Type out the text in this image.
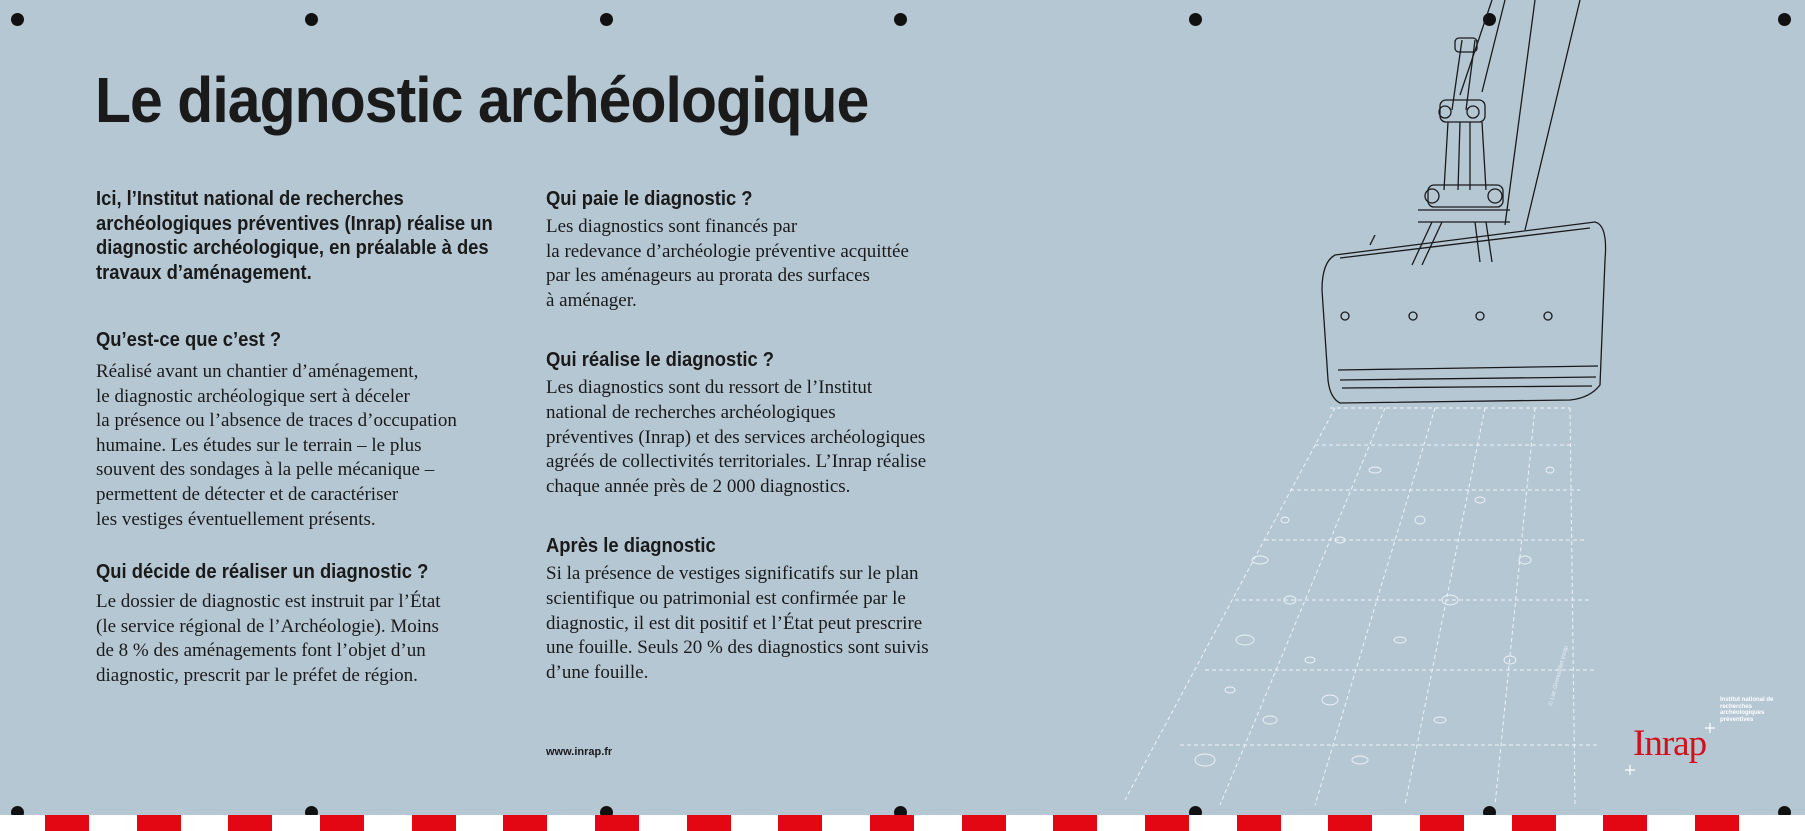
Le diagnostic archéologique

Ici, l’Institut national de recherches archéologiques préventives (Inrap) réalise un diagnostic archéologique, en préalable à des travaux d’aménagement.

Qu’est-ce que c’est ?

Réalisé avant un chantier d’aménagement,
le diagnostic archéologique sert à déceler
la présence ou l’absence de traces d’occupation
humaine. Les études sur le terrain – le plus
souvent des sondages à la pelle mécanique –
permettent de détecter et de caractériser
les vestiges éventuellement présents.

Qui décide de réaliser un diagnostic ?

Le dossier de diagnostic est instruit par l’État
(le service régional de l’Archéologie). Moins
de 8 % des aménagements font l’objet d’un
diagnostic, prescrit par le préfet de région.

Qui paie le diagnostic ?

Les diagnostics sont financés par
la redevance d’archéologie préventive acquittée
par les aménageurs au prorata des surfaces
à aménager.

Qui réalise le diagnostic ?

Les diagnostics sont du ressort de l’Institut
national de recherches archéologiques
préventives (Inrap) et des services archéologiques
agréés de collectivités territoriales. L’Inrap réalise
chaque année près de 2 000 diagnostics.

Après le diagnostic

Si la présence de vestiges significatifs sur le plan
scientifique ou patrimonial est confirmée par le
diagnostic, il est dit positif et l’État peut prescrire
une fouille. Seuls 20 % des diagnostics sont suivis
d’une fouille.

www.inrap.fr

© Luc Grenouillet Inrap

Inrap

Institut national de recherches archéologiques préventives
